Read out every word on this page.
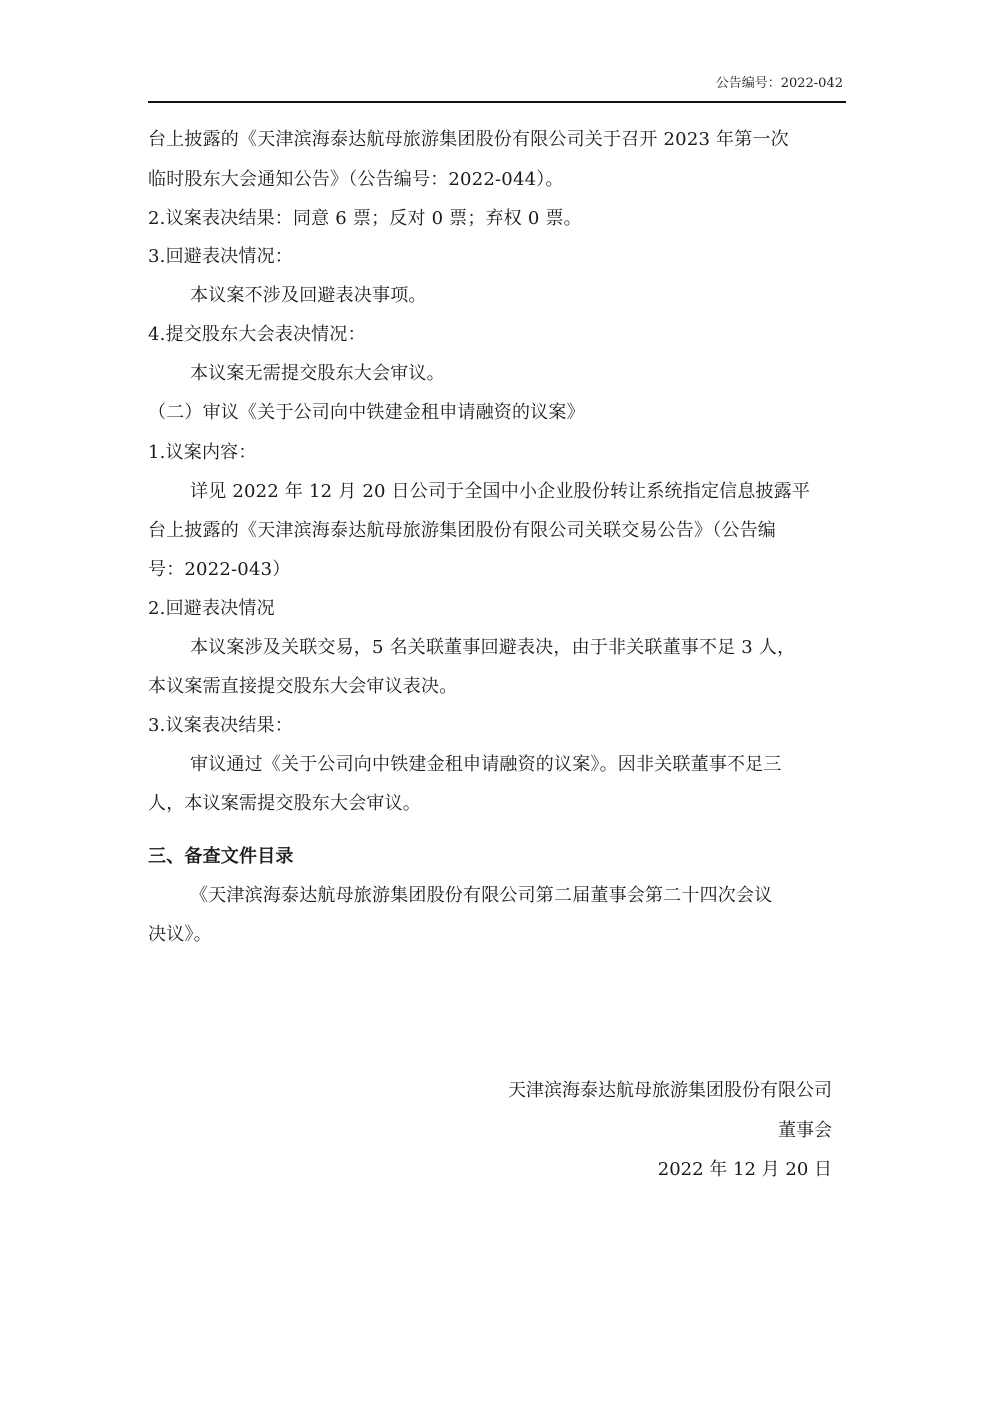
公告编号：2022-042
台上披露的《天津滨海泰达航母旅游集团股份有限公司关于召开 2023 年第一次
临时股东大会通知公告》（公告编号：2022-044）。
2.议案表决结果：同意 6 票；反对 0 票；弃权 0 票。
3.回避表决情况：
本议案不涉及回避表决事项。
4.提交股东大会表决情况：
本议案无需提交股东大会审议。
（二）审议《关于公司向中铁建金租申请融资的议案》
1.议案内容：
详见 2022 年 12 月 20 日公司于全国中小企业股份转让系统指定信息披露平
台上披露的《天津滨海泰达航母旅游集团股份有限公司关联交易公告》（公告编
号：2022-043）
2.回避表决情况
本议案涉及关联交易，5 名关联董事回避表决，由于非关联董事不足 3 人，
本议案需直接提交股东大会审议表决。
3.议案表决结果：
审议通过《关于公司向中铁建金租申请融资的议案》。因非关联董事不足三
人，本议案需提交股东大会审议。
三、备查文件目录
《天津滨海泰达航母旅游集团股份有限公司第二届董事会第二十四次会议
决议》。
天津滨海泰达航母旅游集团股份有限公司
董事会
2022 年 12 月 20 日
